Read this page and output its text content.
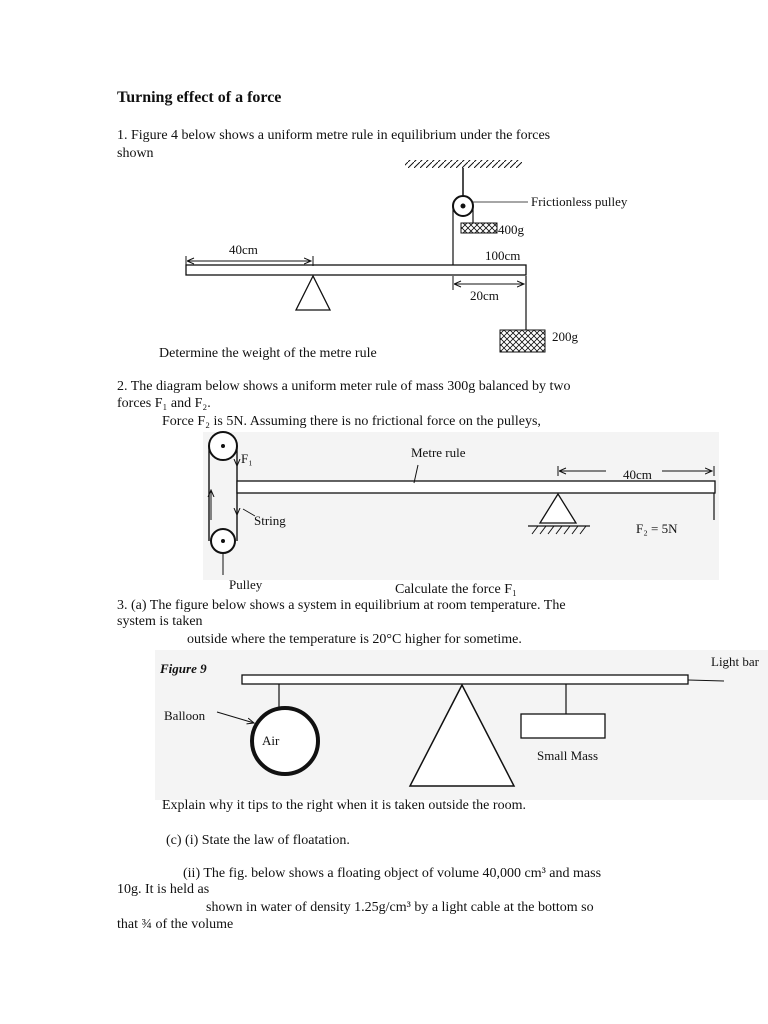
Turning effect of a force
1. Figure 4 below shows a uniform metre rule in equilibrium under the forces
shown
Frictionless pulley
400g
40cm	100cm
20cm
200g
Determine the weight of the metre rule
2. The diagram below shows a uniform meter rule of mass 300g balanced by two
forces F₁ and F₂.
Force F₂ is 5N. Assuming there is no frictional force on the pulleys,
F₁	Metre rule
40cm
String
F₂ = 5N
Pulley	Calculate the force F₁
3. (a) The figure below shows a system in equilibrium at room temperature. The
system is taken
outside where the temperature is 20°C higher for sometime.
Figure 9	Light bar
Balloon
Air
Small Mass
Explain why it tips to the right when it is taken outside the room.
(c) (i) State the law of floatation.
(ii) The fig. below shows a floating object of volume 40,000 cm³ and mass
10g. It is held as
shown in water of density 1.25g/cm³ by a light cable at the bottom so
that ¾ of the volume
